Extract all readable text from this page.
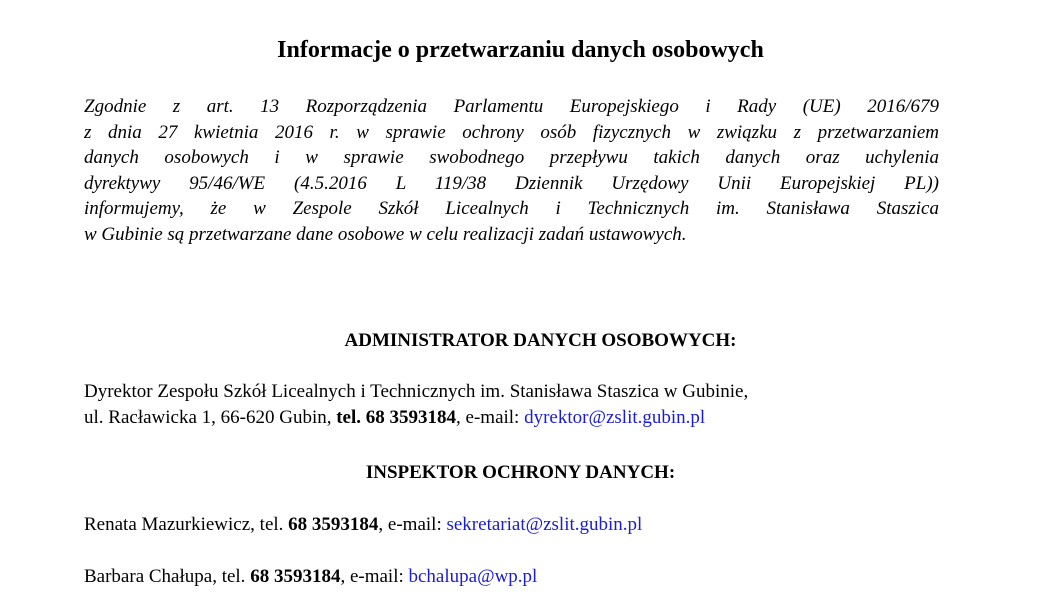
Informacje o przetwarzaniu danych osobowych
Zgodnie z art. 13 Rozporządzenia Parlamentu Europejskiego i Rady (UE) 2016/679
z dnia 27 kwietnia 2016 r. w sprawie ochrony osób fizycznych w związku z przetwarzaniem
danych osobowych i w sprawie swobodnego przepływu takich danych oraz uchylenia
dyrektywy 95/46/WE (4.5.2016 L 119/38 Dziennik Urzędowy Unii Europejskiej PL))
informujemy, że w Zespole Szkół Licealnych i Technicznych im. Stanisława Staszica
w Gubinie są przetwarzane dane osobowe w celu realizacji zadań ustawowych.
ADMINISTRATOR DANYCH OSOBOWYCH:
Dyrektor Zespołu Szkół Licealnych i Technicznych im. Stanisława Staszica w Gubinie,
ul. Racławicka 1, 66-620 Gubin, tel. 68 3593184, e-mail: dyrektor@zslit.gubin.pl
INSPEKTOR OCHRONY DANYCH:
Renata Mazurkiewicz, tel. 68 3593184, e-mail: sekretariat@zslit.gubin.pl
Barbara Chałupa, tel. 68 3593184, e-mail: bchalupa@wp.pl
